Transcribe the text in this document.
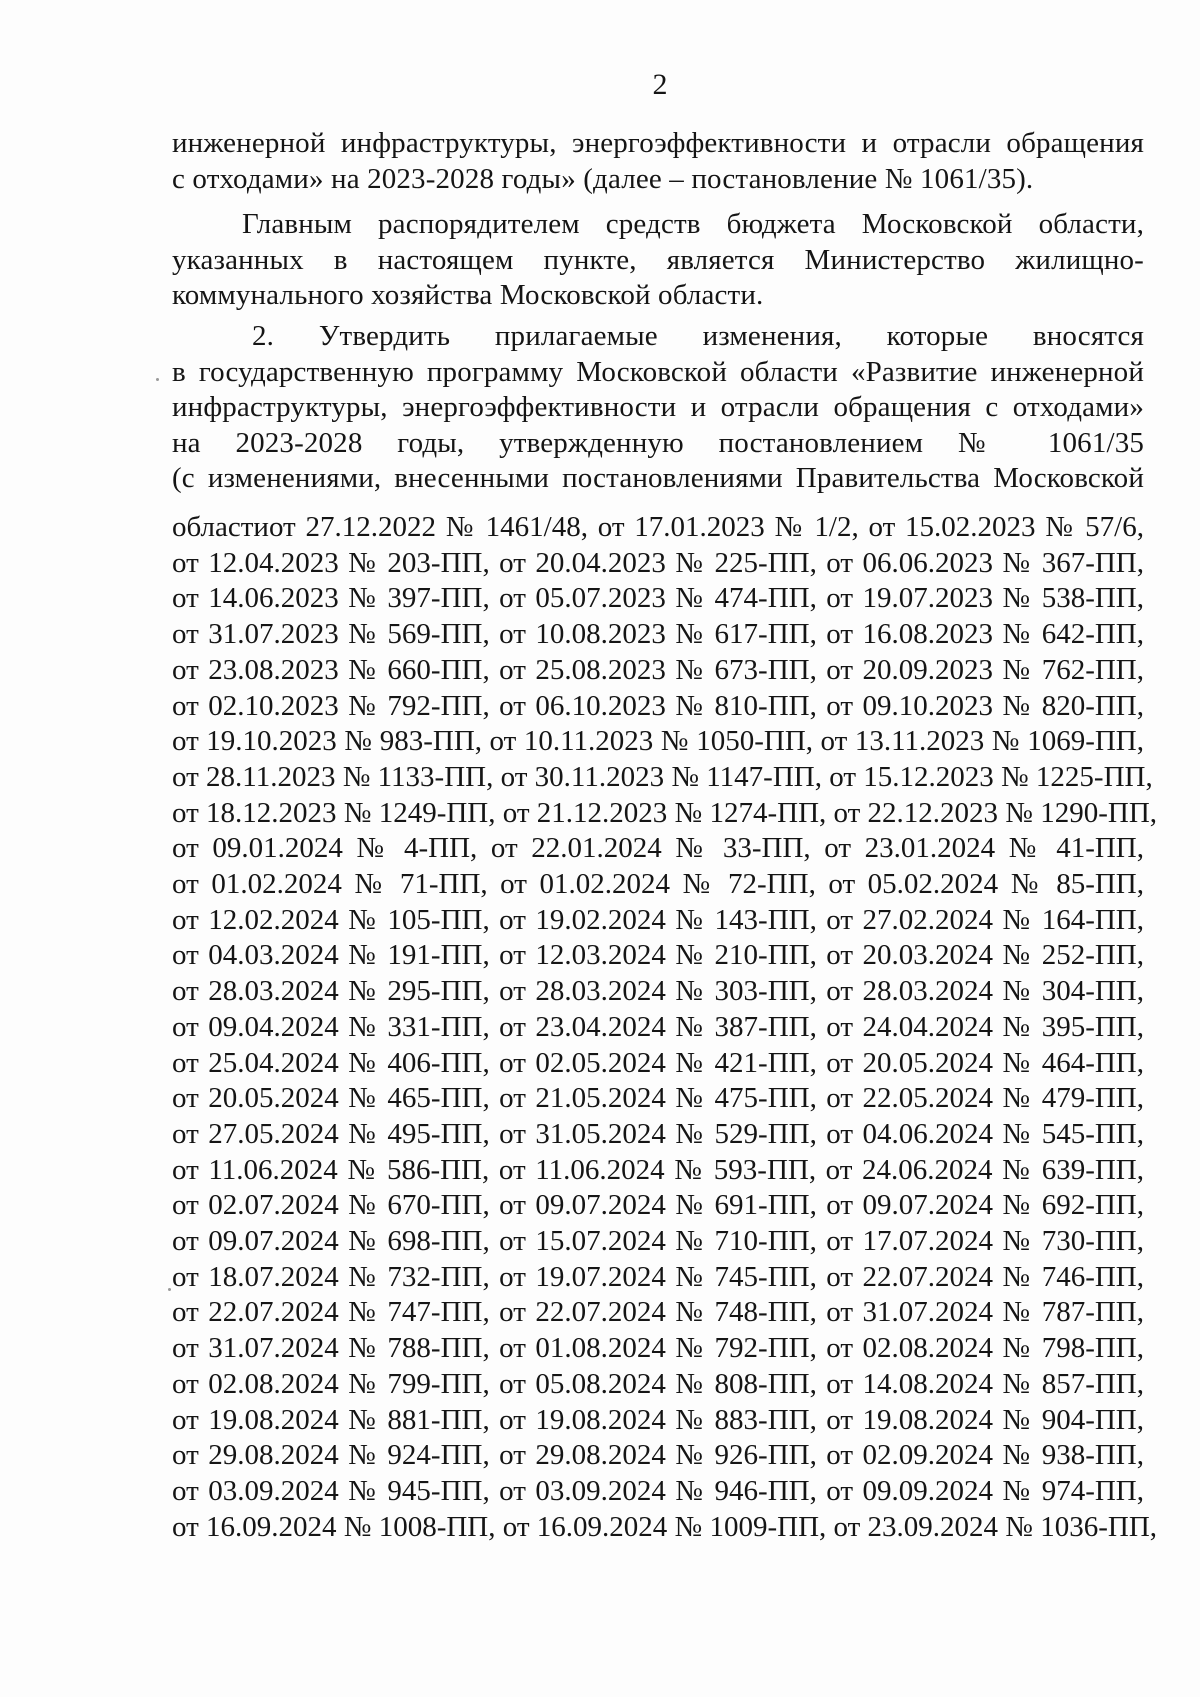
2
инженерной инфраструктуры, энергоэффективности и отрасли обращения
с отходами» на 2023-2028 годы» (далее – постановление № 1061/35).
Главным распорядителем средств бюджета Московской области,
указанных в настоящем пункте, является Министерство жилищно-
коммунального хозяйства Московской области.
2. Утвердить прилагаемые изменения, которые вносятся
в государственную программу Московской области «Развитие инженерной
инфраструктуры, энергоэффективности и отрасли обращения с отходами»
на 2023-2028 годы, утвержденную постановлением № 1061/35
(с изменениями, внесенными постановлениями Правительства Московской
областиот 27.12.2022 № 1461/48, от 17.01.2023 № 1/2, от 15.02.2023 № 57/6,
от 12.04.2023 № 203-ПП, от 20.04.2023 № 225-ПП, от 06.06.2023 № 367-ПП,
от 14.06.2023 № 397-ПП, от 05.07.2023 № 474-ПП, от 19.07.2023 № 538-ПП,
от 31.07.2023 № 569-ПП, от 10.08.2023 № 617-ПП, от 16.08.2023 № 642-ПП,
от 23.08.2023 № 660-ПП, от 25.08.2023 № 673-ПП, от 20.09.2023 № 762-ПП,
от 02.10.2023 № 792-ПП, от 06.10.2023 № 810-ПП, от 09.10.2023 № 820-ПП,
от 19.10.2023 № 983-ПП, от 10.11.2023 № 1050-ПП, от 13.11.2023 № 1069-ПП,
от 28.11.2023 № 1133-ПП, от 30.11.2023 № 1147-ПП, от 15.12.2023 № 1225-ПП,
от 18.12.2023 № 1249-ПП, от 21.12.2023 № 1274-ПП, от 22.12.2023 № 1290-ПП,
от 09.01.2024 № 4-ПП, от 22.01.2024 № 33-ПП, от 23.01.2024 № 41-ПП,
от 01.02.2024 № 71-ПП, от 01.02.2024 № 72-ПП, от 05.02.2024 № 85-ПП,
от 12.02.2024 № 105-ПП, от 19.02.2024 № 143-ПП, от 27.02.2024 № 164-ПП,
от 04.03.2024 № 191-ПП, от 12.03.2024 № 210-ПП, от 20.03.2024 № 252-ПП,
от 28.03.2024 № 295-ПП, от 28.03.2024 № 303-ПП, от 28.03.2024 № 304-ПП,
от 09.04.2024 № 331-ПП, от 23.04.2024 № 387-ПП, от 24.04.2024 № 395-ПП,
от 25.04.2024 № 406-ПП, от 02.05.2024 № 421-ПП, от 20.05.2024 № 464-ПП,
от 20.05.2024 № 465-ПП, от 21.05.2024 № 475-ПП, от 22.05.2024 № 479-ПП,
от 27.05.2024 № 495-ПП, от 31.05.2024 № 529-ПП, от 04.06.2024 № 545-ПП,
от 11.06.2024 № 586-ПП, от 11.06.2024 № 593-ПП, от 24.06.2024 № 639-ПП,
от 02.07.2024 № 670-ПП, от 09.07.2024 № 691-ПП, от 09.07.2024 № 692-ПП,
от 09.07.2024 № 698-ПП, от 15.07.2024 № 710-ПП, от 17.07.2024 № 730-ПП,
от 18.07.2024 № 732-ПП, от 19.07.2024 № 745-ПП, от 22.07.2024 № 746-ПП,
от 22.07.2024 № 747-ПП, от 22.07.2024 № 748-ПП, от 31.07.2024 № 787-ПП,
от 31.07.2024 № 788-ПП, от 01.08.2024 № 792-ПП, от 02.08.2024 № 798-ПП,
от 02.08.2024 № 799-ПП, от 05.08.2024 № 808-ПП, от 14.08.2024 № 857-ПП,
от 19.08.2024 № 881-ПП, от 19.08.2024 № 883-ПП, от 19.08.2024 № 904-ПП,
от 29.08.2024 № 924-ПП, от 29.08.2024 № 926-ПП, от 02.09.2024 № 938-ПП,
от 03.09.2024 № 945-ПП, от 03.09.2024 № 946-ПП, от 09.09.2024 № 974-ПП,
от 16.09.2024 № 1008-ПП, от 16.09.2024 № 1009-ПП, от 23.09.2024 № 1036-ПП,
